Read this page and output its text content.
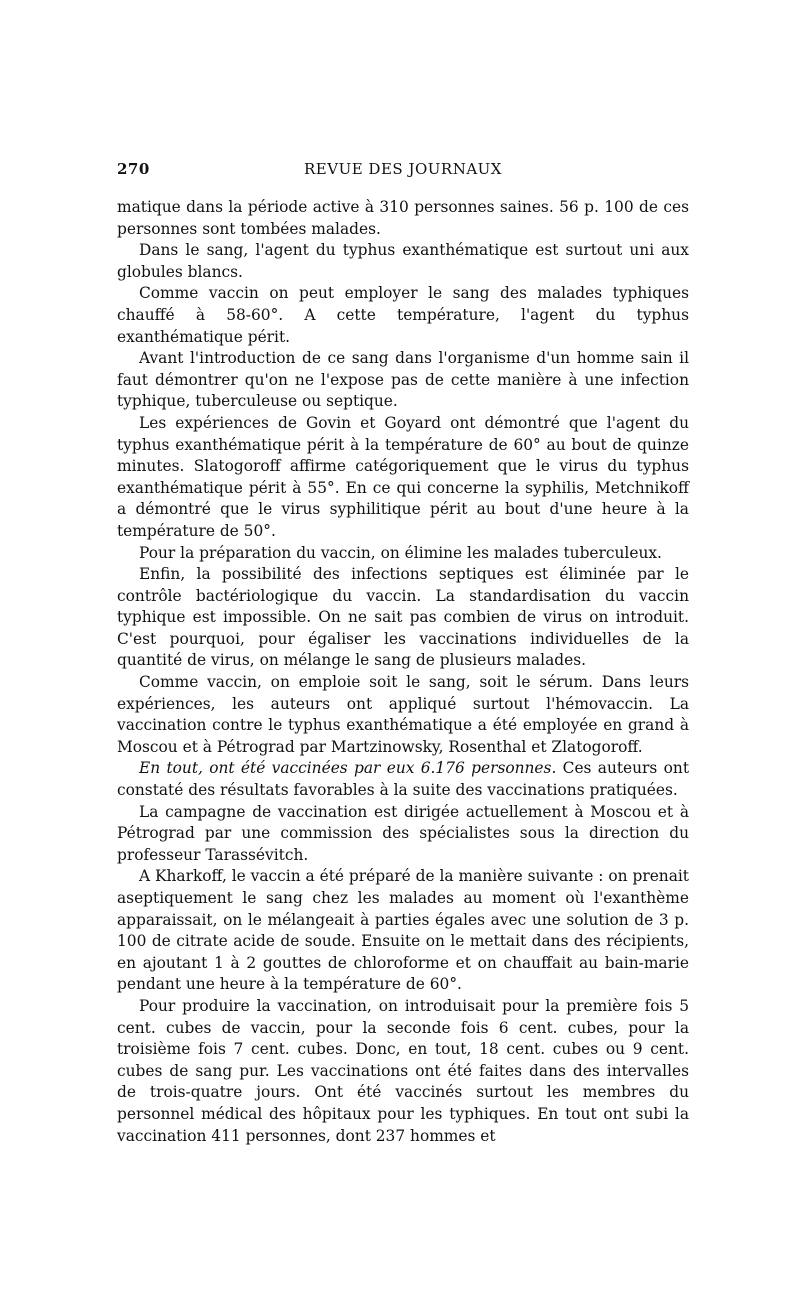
270	REVUE DES JOURNAUX

matique dans la période active à 310 personnes saines. 56 p. 100 de ces personnes sont tombées malades.

Dans le sang, l'agent du typhus exanthématique est surtout uni aux globules blancs.

Comme vaccin on peut employer le sang des malades typhiques chauffé à 58-60°. A cette température, l'agent du typhus exanthématique périt.

Avant l'introduction de ce sang dans l'organisme d'un homme sain il faut démontrer qu'on ne l'expose pas de cette manière à une infection typhique, tuberculeuse ou septique.

Les expériences de Govin et Goyard ont démontré que l'agent du typhus exanthématique périt à la température de 60° au bout de quinze minutes. Slatogoroff affirme catégoriquement que le virus du typhus exanthématique périt à 55°. En ce qui concerne la syphilis, Metchnikoff a démontré que le virus syphilitique périt au bout d'une heure à la température de 50°.

Pour la préparation du vaccin, on élimine les malades tuberculeux.

Enfin, la possibilité des infections septiques est éliminée par le contrôle bactériologique du vaccin. La standardisation du vaccin typhique est impossible. On ne sait pas combien de virus on introduit. C'est pourquoi, pour égaliser les vaccinations individuelles de la quantité de virus, on mélange le sang de plusieurs malades.

Comme vaccin, on emploie soit le sang, soit le sérum. Dans leurs expériences, les auteurs ont appliqué surtout l'hémovaccin. La vaccination contre le typhus exanthématique a été employée en grand à Moscou et à Pétrograd par Martzinowsky, Rosenthal et Zlatogoroff.

En tout, ont été vaccinées par eux 6.176 personnes. Ces auteurs ont constaté des résultats favorables à la suite des vaccinations pratiquées.

La campagne de vaccination est dirigée actuellement à Moscou et à Pétrograd par une commission des spécialistes sous la direction du professeur Tarassévitch.

A Kharkoff, le vaccin a été préparé de la manière suivante : on prenait aseptiquement le sang chez les malades au moment où l'exanthème apparaissait, on le mélangeait à parties égales avec une solution de 3 p. 100 de citrate acide de soude. Ensuite on le mettait dans des récipients, en ajoutant 1 à 2 gouttes de chloroforme et on chauffait au bain-marie pendant une heure à la température de 60°.

Pour produire la vaccination, on introduisait pour la première fois 5 cent. cubes de vaccin, pour la seconde fois 6 cent. cubes, pour la troisième fois 7 cent. cubes. Donc, en tout, 18 cent. cubes ou 9 cent. cubes de sang pur. Les vaccinations ont été faites dans des intervalles de trois-quatre jours. Ont été vaccinés surtout les membres du personnel médical des hôpitaux pour les typhiques. En tout ont subi la vaccination 411 personnes, dont 237 hommes et
